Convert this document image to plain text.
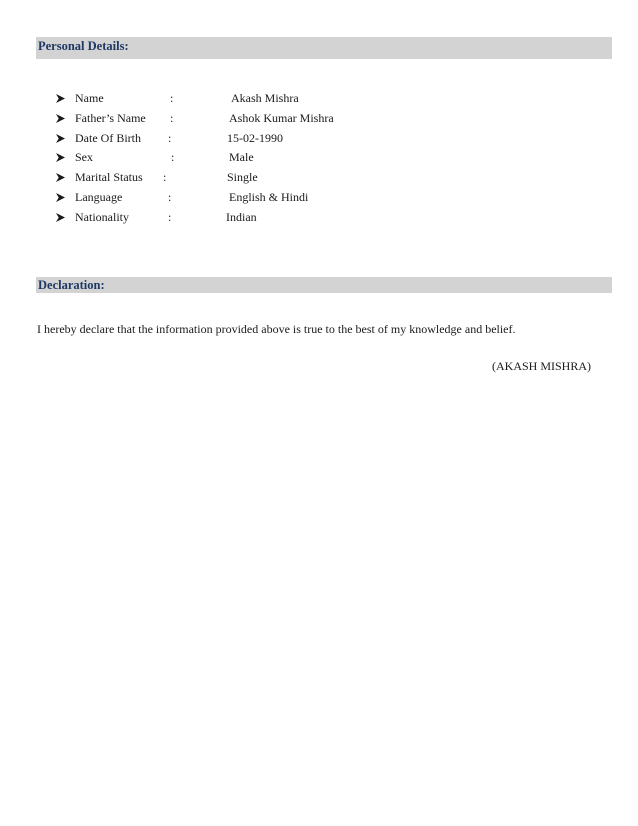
Personal Details:
Name	:	Akash Mishra
Father’s Name :	Ashok Kumar Mishra
Date Of Birth :	15-02-1990
Sex	:	Male
Marital Status :	Single
Language	:	English & Hindi
Nationality	:	Indian
Declaration:
I hereby declare that the information provided above is true to the best of my knowledge and belief.
(AKASH MISHRA)
